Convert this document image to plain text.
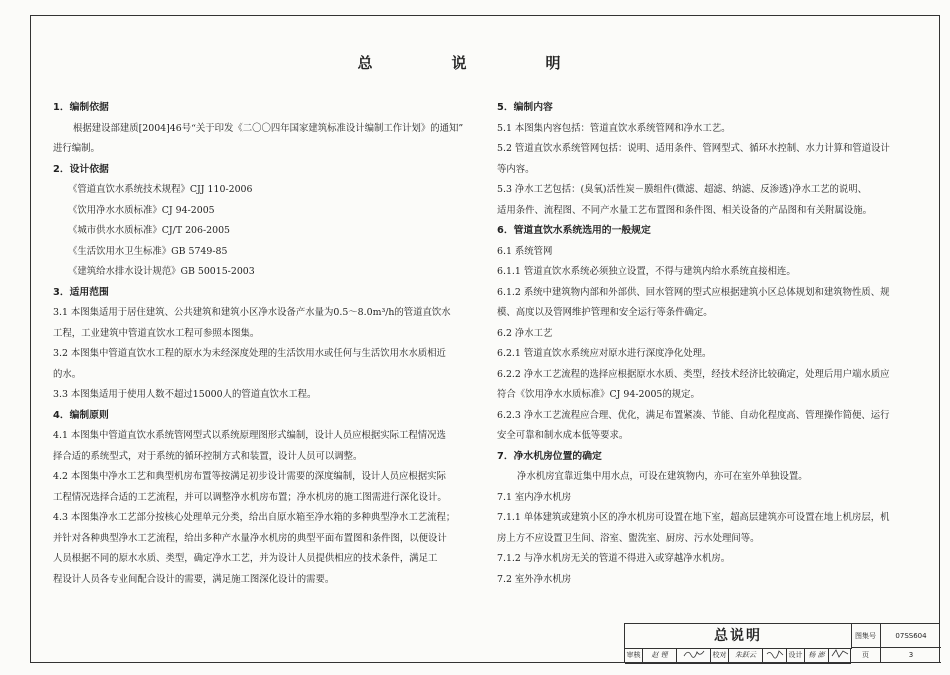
总　说　明
1．编制依据
根据建设部建质[2004]46号“关于印发《二〇〇四年国家建筑标准设计编制工作计划》的通知”
进行编制。
2．设计依据
《管道直饮水系统技术规程》CJJ 110-2006
《饮用净水水质标准》CJ 94-2005
《城市供水水质标准》CJ/T 206-2005
《生活饮用水卫生标准》GB 5749-85
《建筑给水排水设计规范》GB 50015-2003
3．适用范围
3.1 本图集适用于居住建筑、公共建筑和建筑小区净水设备产水量为0.5～8.0m³/h的管道直饮水
工程，工业建筑中管道直饮水工程可参照本图集。
3.2 本图集中管道直饮水工程的原水为未经深度处理的生活饮用水或任何与生活饮用水水质相近
的水。
3.3 本图集适用于使用人数不超过15000人的管道直饮水工程。
4．编制原则
4.1 本图集中管道直饮水系统管网型式以系统原理图形式编制，设计人员应根据实际工程情况选
择合适的系统型式，对于系统的循环控制方式和装置，设计人员可以调整。
4.2 本图集中净水工艺和典型机房布置等按满足初步设计需要的深度编制，设计人员应根据实际
工程情况选择合适的工艺流程，并可以调整净水机房布置；净水机房的施工图需进行深化设计。
4.3 本图集净水工艺部分按核心处理单元分类，给出自原水箱至净水箱的多种典型净水工艺流程；
并针对各种典型净水工艺流程，给出多种产水量净水机房的典型平面布置图和条件图，以便设计
人员根据不同的原水水质、类型，确定净水工艺，并为设计人员提供相应的技术条件，满足工
程设计人员各专业间配合设计的需要，满足施工图深化设计的需要。
5．编制内容
5.1 本图集内容包括：管道直饮水系统管网和净水工艺。
5.2 管道直饮水系统管网包括：说明、适用条件、管网型式、循环水控制、水力计算和管道设计
等内容。
5.3 净水工艺包括：(臭氧)活性炭－膜组件(微滤、超滤、纳滤、反渗透)净水工艺的说明、
适用条件、流程图、不同产水量工艺布置图和条件图、相关设备的产品图和有关附属设施。
6．管道直饮水系统选用的一般规定
6.1 系统管网
6.1.1 管道直饮水系统必须独立设置，不得与建筑内给水系统直接相连。
6.1.2 系统中建筑物内部和外部供、回水管网的型式应根据建筑小区总体规划和建筑物性质、规
模、高度以及管网维护管理和安全运行等条件确定。
6.2 净水工艺
6.2.1 管道直饮水系统应对原水进行深度净化处理。
6.2.2 净水工艺流程的选择应根据原水水质、类型，经技术经济比较确定，处理后用户端水质应
符合《饮用净水水质标准》CJ 94-2005的规定。
6.2.3 净水工艺流程应合理、优化，满足布置紧凑、节能、自动化程度高、管理操作简便、运行
安全可靠和制水成本低等要求。
7．净水机房位置的确定
净水机房宜靠近集中用水点，可设在建筑物内，亦可在室外单独设置。
7.1 室内净水机房
7.1.1 单体建筑或建筑小区的净水机房可设置在地下室，超高层建筑亦可设置在地上机房层，机
房上方不应设置卫生间、浴室、盥洗室、厨房、污水处理间等。
7.1.2 与净水机房无关的管道不得进入或穿越净水机房。
7.2 室外净水机房
总说明	图集号	07SS604
审核	赵 锂	校对	朱跃云	设计 杨 澎	页	3
